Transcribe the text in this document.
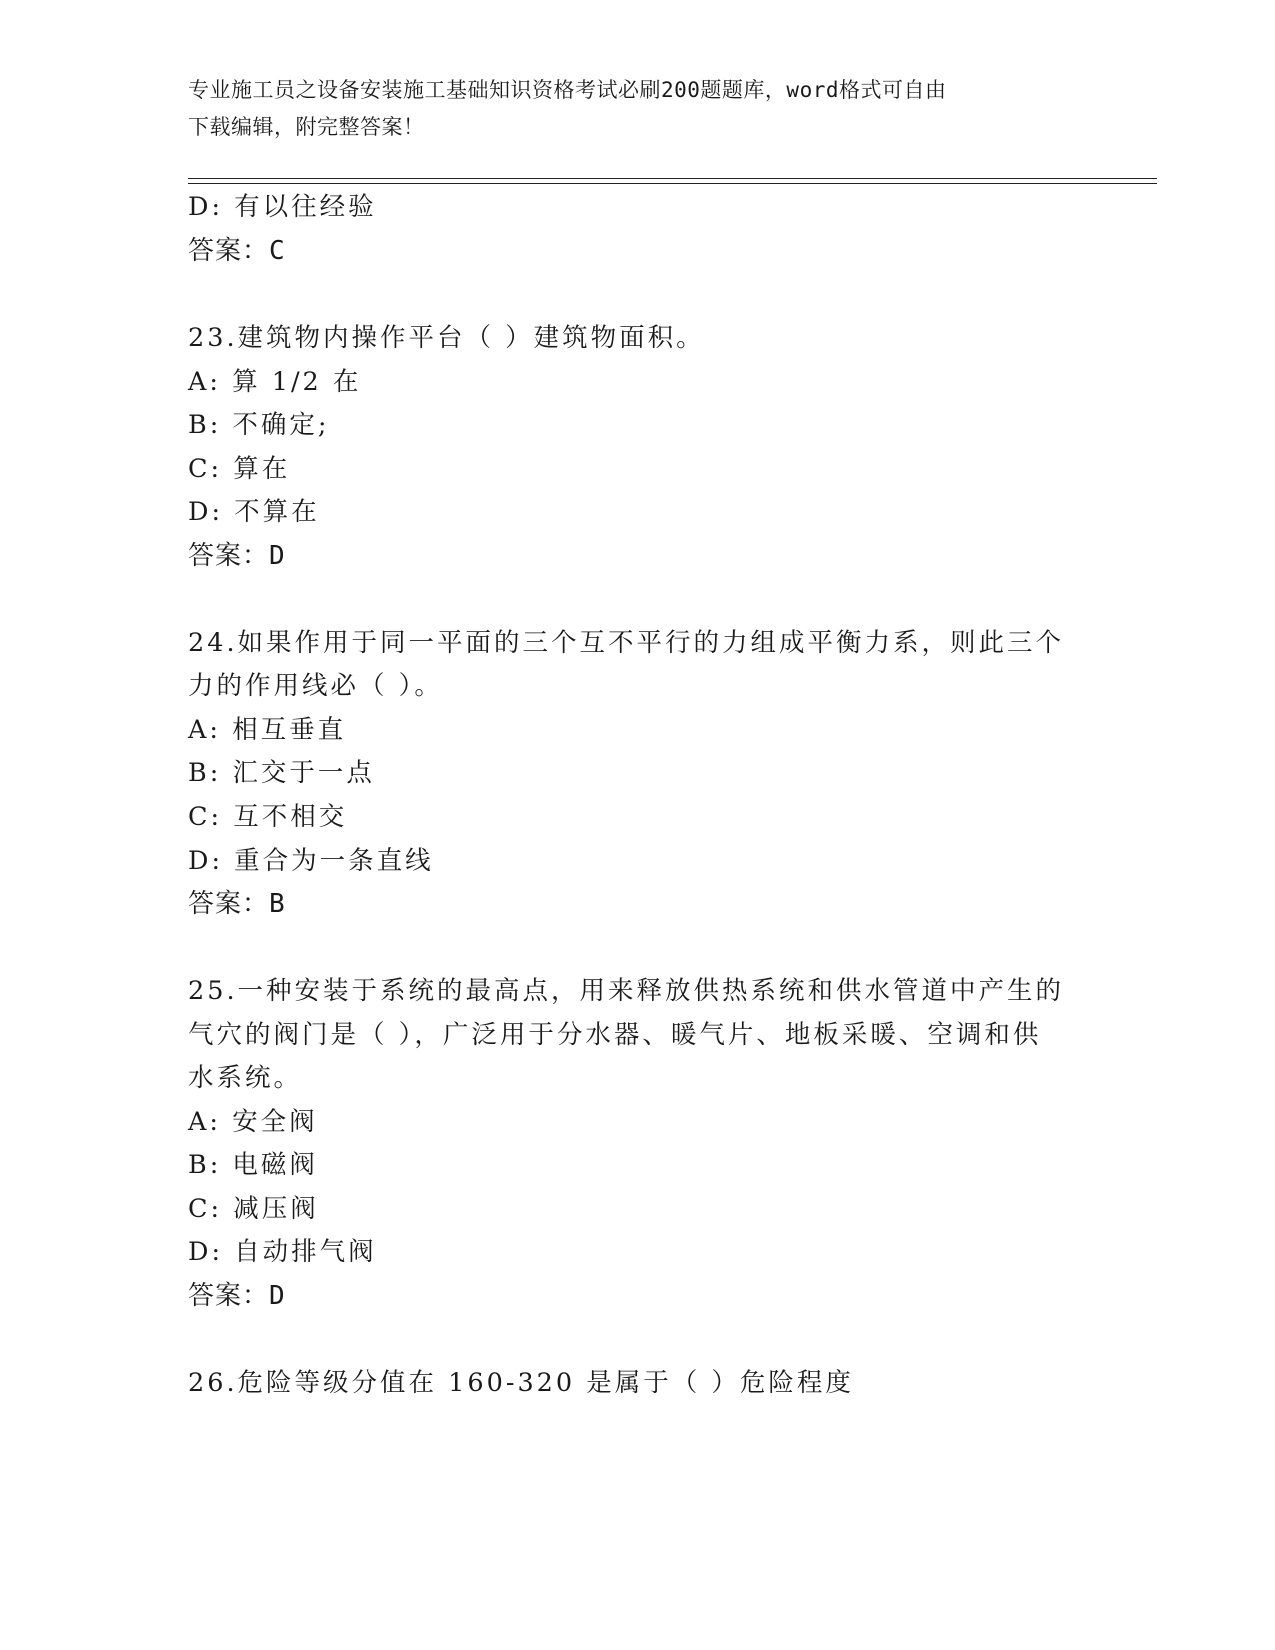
专业施工员之设备安装施工基础知识资格考试必刷200题题库，word格式可自由
下载编辑，附完整答案！
D: 有以往经验
答案：C
23.建筑物内操作平台（ ）建筑物面积。
A: 算 1/2 在
B: 不确定;
C: 算在
D: 不算在
答案：D
24.如果作用于同一平面的三个互不平行的力组成平衡力系，则此三个
力的作用线必（ ）。
A: 相互垂直
B: 汇交于一点
C: 互不相交
D: 重合为一条直线
答案：B
25.一种安装于系统的最高点，用来释放供热系统和供水管道中产生的
气穴的阀门是（ ），广泛用于分水器、暖气片、地板采暖、空调和供
水系统。
A: 安全阀
B: 电磁阀
C: 减压阀
D: 自动排气阀
答案：D
26.危险等级分值在 160-320 是属于（ ）危险程度
